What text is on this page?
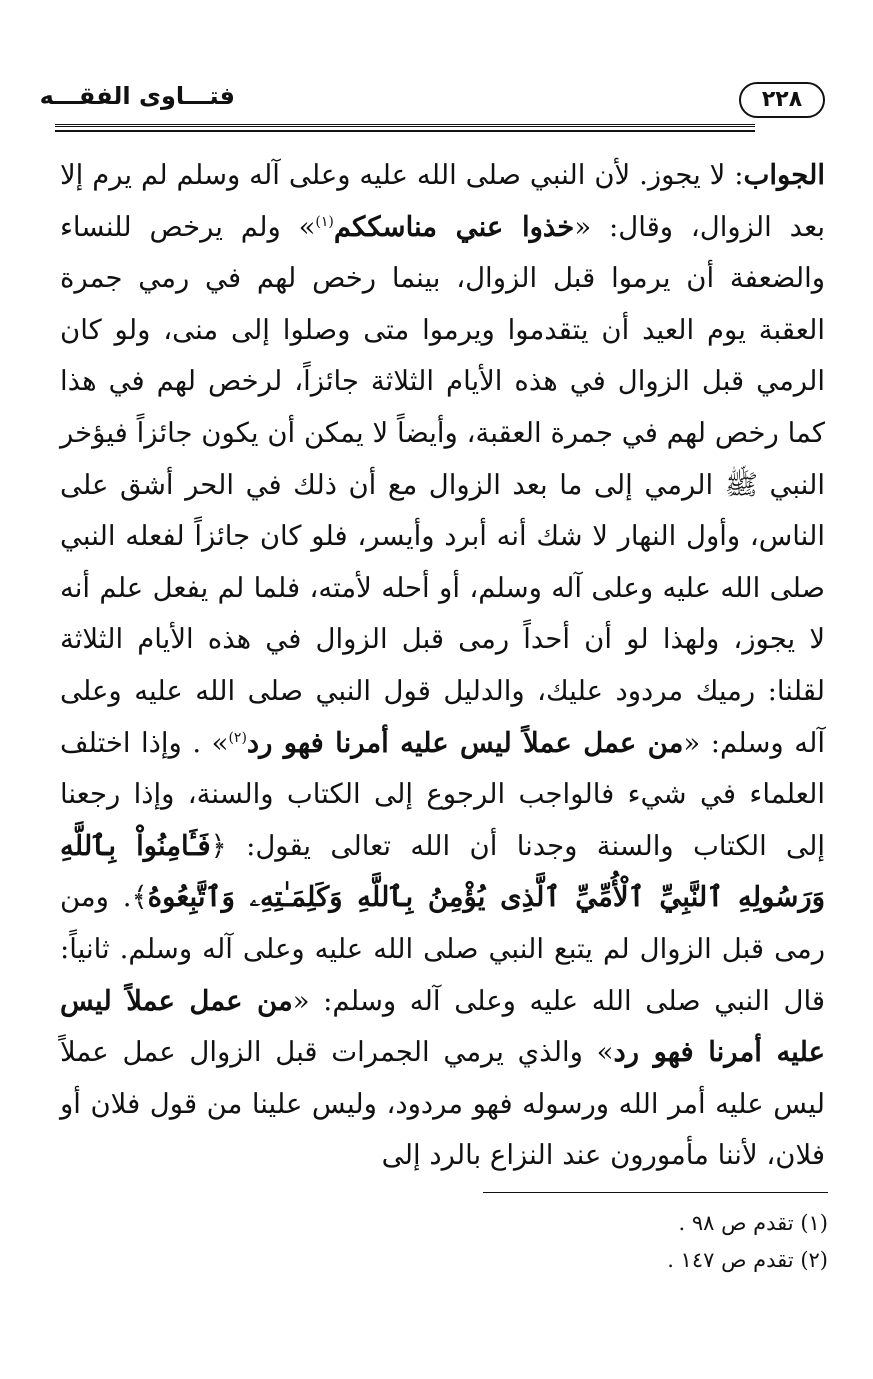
فتـــاوى الفقـــه	٢٢٨

الجواب: لا يجوز. لأن النبي صلى الله عليه وعلى آله وسلم لم يرم إلا بعد الزوال، وقال: «خذوا عني مناسككم$^{(١)}$» ولم يرخص للنساء والضعفة أن يرموا قبل الزوال، بينما رخص لهم في رمي جمرة العقبة يوم العيد أن يتقدموا ويرموا متى وصلوا إلى منى، ولو كان الرمي قبل الزوال في هذه الأيام الثلاثة جائزاً، لرخص لهم في هذا كما رخص لهم في جمرة العقبة، وأيضاً لا يمكن أن يكون جائزاً فيؤخر النبي ﷺ الرمي إلى ما بعد الزوال مع أن ذلك في الحر أشق على الناس، وأول النهار لا شك أنه أبرد وأيسر، فلو كان جائزاً لفعله النبي صلى الله عليه وعلى آله وسلم، أو أحله لأمته، فلما لم يفعل علم أنه لا يجوز، ولهذا لو أن أحداً رمى قبل الزوال في هذه الأيام الثلاثة لقلنا: رميك مردود عليك، والدليل قول النبي صلى الله عليه وعلى آله وسلم: «من عمل عملاً ليس عليه أمرنا فهو رد$^{(٢)}$» . وإذا اختلف العلماء في شيء فالواجب الرجوع إلى الكتاب والسنة، وإذا رجعنا إلى الكتاب والسنة وجدنا أن الله تعالى يقول: ﴿فَـَٔامِنُواْ بِٱللَّهِ وَرَسُولِهِ ٱلنَّبِيِّ ٱلْأُمِّيِّ ٱلَّذِى يُؤْمِنُ بِٱللَّهِ وَكَلِمَـٰتِهِۦ وَٱتَّبِعُوهُ﴾. ومن رمى قبل الزوال لم يتبع النبي صلى الله عليه وعلى آله وسلم. ثانياً: قال النبي صلى الله عليه وعلى آله وسلم: «من عمل عملاً ليس عليه أمرنا فهو رد» والذي يرمي الجمرات قبل الزوال عمل عملاً ليس عليه أمر الله ورسوله فهو مردود، وليس علينا من قول فلان أو فلان، لأننا مأمورون عند النزاع بالرد إلى

(١) تقدم ص ٩٨ .
(٢) تقدم ص ١٤٧ .
